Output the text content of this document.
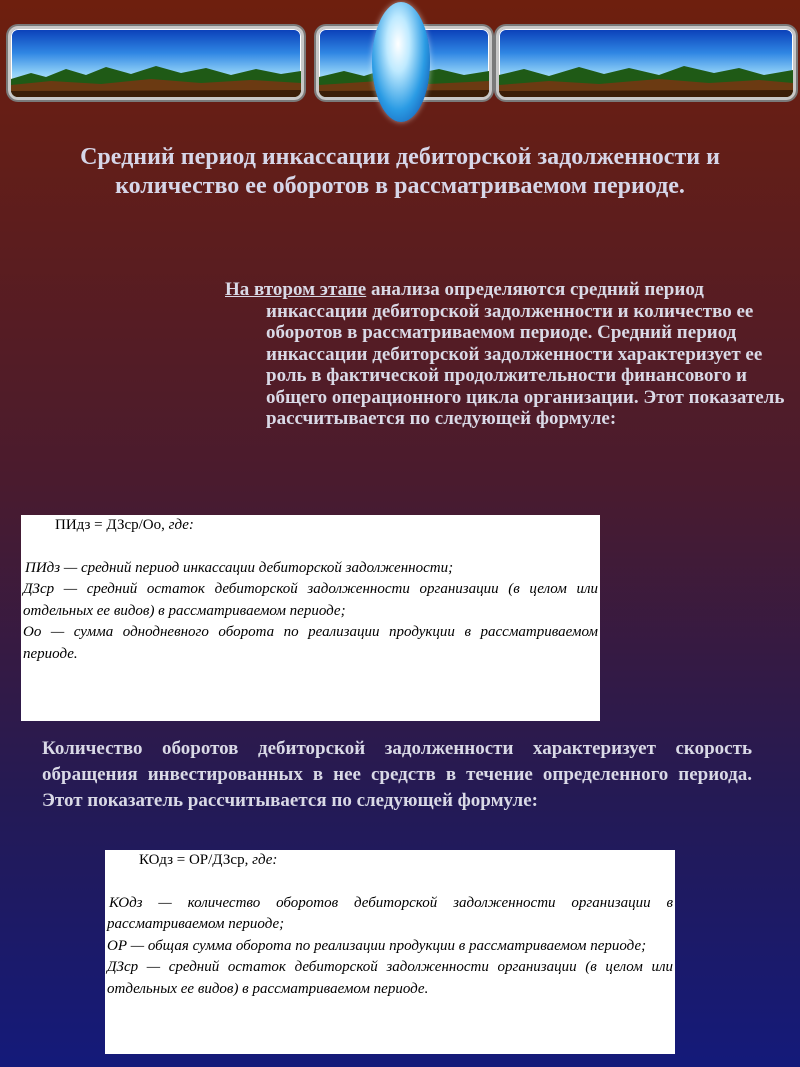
Средний период инкассации дебиторской задолженности и количество ее оборотов в рассматриваемом периоде.

На втором этапе анализа определяются средний период инкассации дебиторской задолженности и количество ее оборотов в рассматриваемом периоде. Средний период инкассации дебиторской задолженности характеризует ее роль в фактической продолжительности финансового и общего операционного цикла организации. Этот показатель рассчитывается по следующей формуле:

ПИдз = ДЗср/Оо, где:

ПИдз — средний период инкассации дебиторской задолженности;

ДЗср — средний остаток дебиторской задолженности организации (в целом или отдельных ее видов) в рассматриваемом периоде;

Оо — сумма однодневного оборота по реализации продукции в рассматриваемом периоде.

Количество оборотов дебиторской задолженности характеризует скорость обращения инвестированных в нее средств в течение определенного периода. Этот показатель рассчитывается по следующей формуле:

КОдз = ОР/ДЗср, где:

КОдз — количество оборотов дебиторской задолженности организации в рассматриваемом периоде;

ОР — общая сумма оборота по реализации продукции в рассматриваемом периоде;

ДЗср — средний остаток дебиторской задолженности организации (в целом или отдельных ее видов) в рассматриваемом периоде.
